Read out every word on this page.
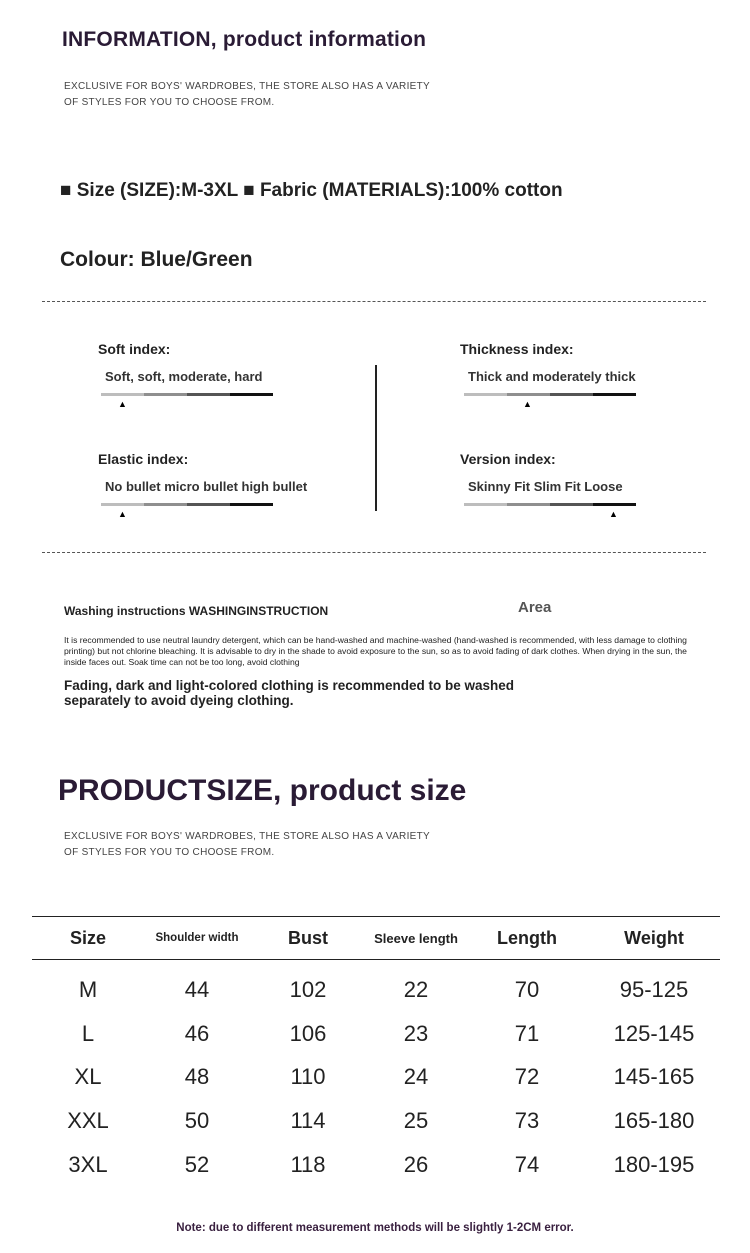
INFORMATION, product information
EXCLUSIVE FOR BOYS' WARDROBES, THE STORE ALSO HAS A VARIETY
OF STYLES FOR YOU TO CHOOSE FROM.
■ Size (SIZE):M-3XL ■ Fabric (MATERIALS):100% cotton
Colour: Blue/Green
Soft index:
Soft, soft, moderate, hard
▲
Thickness index:
Thick and moderately thick
▲
Elastic index:
No bullet micro bullet high bullet
▲
Version index:
Skinny Fit Slim Fit Loose
▲
Washing instructions WASHINGINSTRUCTION	Area
It is recommended to use neutral laundry detergent, which can be hand-washed and machine-washed (hand-washed is recommended, with less damage to clothing printing) but not chlorine bleaching. It is advisable to dry in the shade to avoid exposure to the sun, so as to avoid fading of dark clothes. When drying in the sun, the inside faces out. Soak time can not be too long, avoid clothing
Fading, dark and light-colored clothing is recommended to be washed separately to avoid dyeing clothing.
PRODUCTSIZE, product size
EXCLUSIVE FOR BOYS' WARDROBES, THE STORE ALSO HAS A VARIETY
OF STYLES FOR YOU TO CHOOSE FROM.
Size	Shoulder width	Bust	Sleeve length	Length	Weight

M	44	102	22	70	95-125
L	46	106	23	71	125-145
XL	48	110	24	72	145-165
XXL	50	114	25	73	165-180
3XL	52	118	26	74	180-195
Note: due to different measurement methods will be slightly 1-2CM error.
